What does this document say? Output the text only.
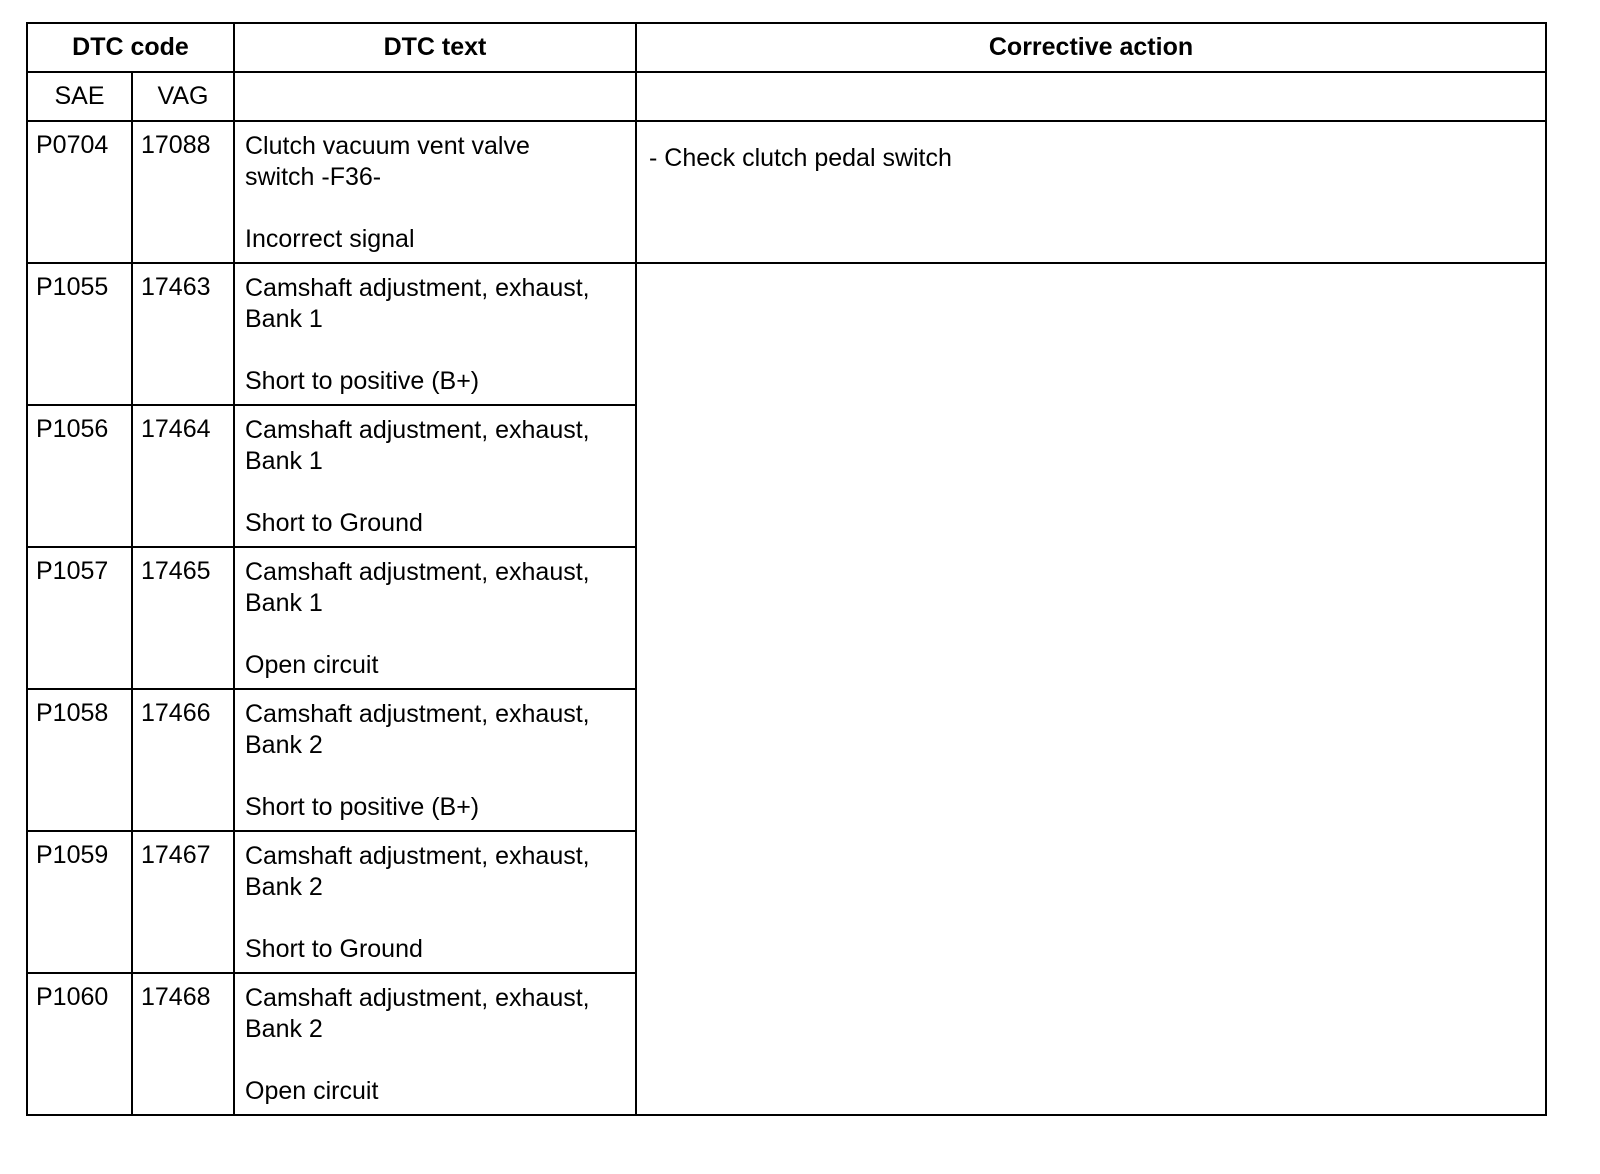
DTC code		DTC text	Corrective action
SAE	VAG		
P0704	17088	Clutch vacuum vent valve
switch -F36-
Incorrect signal	- Check clutch pedal switch
P1055	17463	Camshaft adjustment, exhaust,
Bank 1
Short to positive (B+)	

P1056	17464	Camshaft adjustment, exhaust,
Bank 1
Short to Ground	

P1057	17465	Camshaft adjustment, exhaust,
Bank 1
Open circuit	

P1058	17466	Camshaft adjustment, exhaust,
Bank 2
Short to positive (B+)	

P1059	17467	Camshaft adjustment, exhaust,
Bank 2
Short to Ground	

P1060	17468	Camshaft adjustment, exhaust,
Bank 2
Open circuit	
